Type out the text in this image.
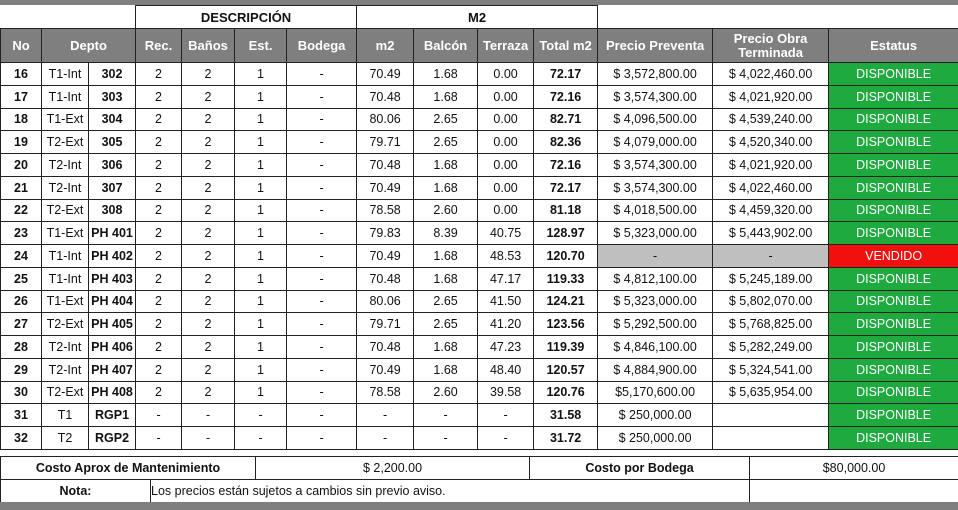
			DESCRIPCIÓN				M2						
No	Depto		Rec.	Baños	Est.	Bodega	m2	Balcón	Terraza	Total m2	Precio Preventa	Precio Obra Terminada	Estatus
16	T1-Int	302	2	2	1	-	70.49	1.68	0.00	72.17	$ 3,572,800.00	$ 4,022,460.00	DISPONIBLE
17	T1-Int	303	2	2	1	-	70.48	1.68	0.00	72.16	$ 3,574,300.00	$ 4,021,920.00	DISPONIBLE
18	T1-Ext	304	2	2	1	-	80.06	2.65	0.00	82.71	$ 4,096,500.00	$ 4,539,240.00	DISPONIBLE
19	T2-Ext	305	2	2	1	-	79.71	2.65	0.00	82.36	$ 4,079,000.00	$ 4,520,340.00	DISPONIBLE
20	T2-Int	306	2	2	1	-	70.48	1.68	0.00	72.16	$ 3,574,300.00	$ 4,021,920.00	DISPONIBLE
21	T2-Int	307	2	2	1	-	70.49	1.68	0.00	72.17	$ 3,574,300.00	$ 4,022,460.00	DISPONIBLE
22	T2-Ext	308	2	2	1	-	78.58	2.60	0.00	81.18	$ 4,018,500.00	$ 4,459,320.00	DISPONIBLE
23	T1-Ext	PH 401	2	2	1	-	79.83	8.39	40.75	128.97	$ 5,323,000.00	$ 5,443,902.00	DISPONIBLE
24	T1-Int	PH 402	2	2	1	-	70.49	1.68	48.53	120.70	-	-	VENDIDO
25	T1-Int	PH 403	2	2	1	-	70.48	1.68	47.17	119.33	$ 4,812,100.00	$ 5,245,189.00	DISPONIBLE
26	T1-Ext	PH 404	2	2	1	-	80.06	2.65	41.50	124.21	$ 5,323,000.00	$ 5,802,070.00	DISPONIBLE
27	T2-Ext	PH 405	2	2	1	-	79.71	2.65	41.20	123.56	$ 5,292,500.00	$ 5,768,825.00	DISPONIBLE
28	T2-Int	PH 406	2	2	1	-	70.48	1.68	47.23	119.39	$ 4,846,100.00	$ 5,282,249.00	DISPONIBLE
29	T2-Int	PH 407	2	2	1	-	70.49	1.68	48.40	120.57	$ 4,884,900.00	$ 5,324,541.00	DISPONIBLE
30	T2-Ext	PH 408	2	2	1	-	78.58	2.60	39.58	120.76	$5,170,600.00	$ 5,635,954.00	DISPONIBLE
31	T1	RGP1	-	-	-	-	-	-	-	31.58	$ 250,000.00		DISPONIBLE
32	T2	RGP2	-	-	-	-	-	-	-	31.72	$ 250,000.00		DISPONIBLE
Costo Aprox de Mantenimiento		$ 2,200.00	Costo por Bodega	$80,000.00
Nota:	Los precios están sujetos a cambios sin previo aviso.			
